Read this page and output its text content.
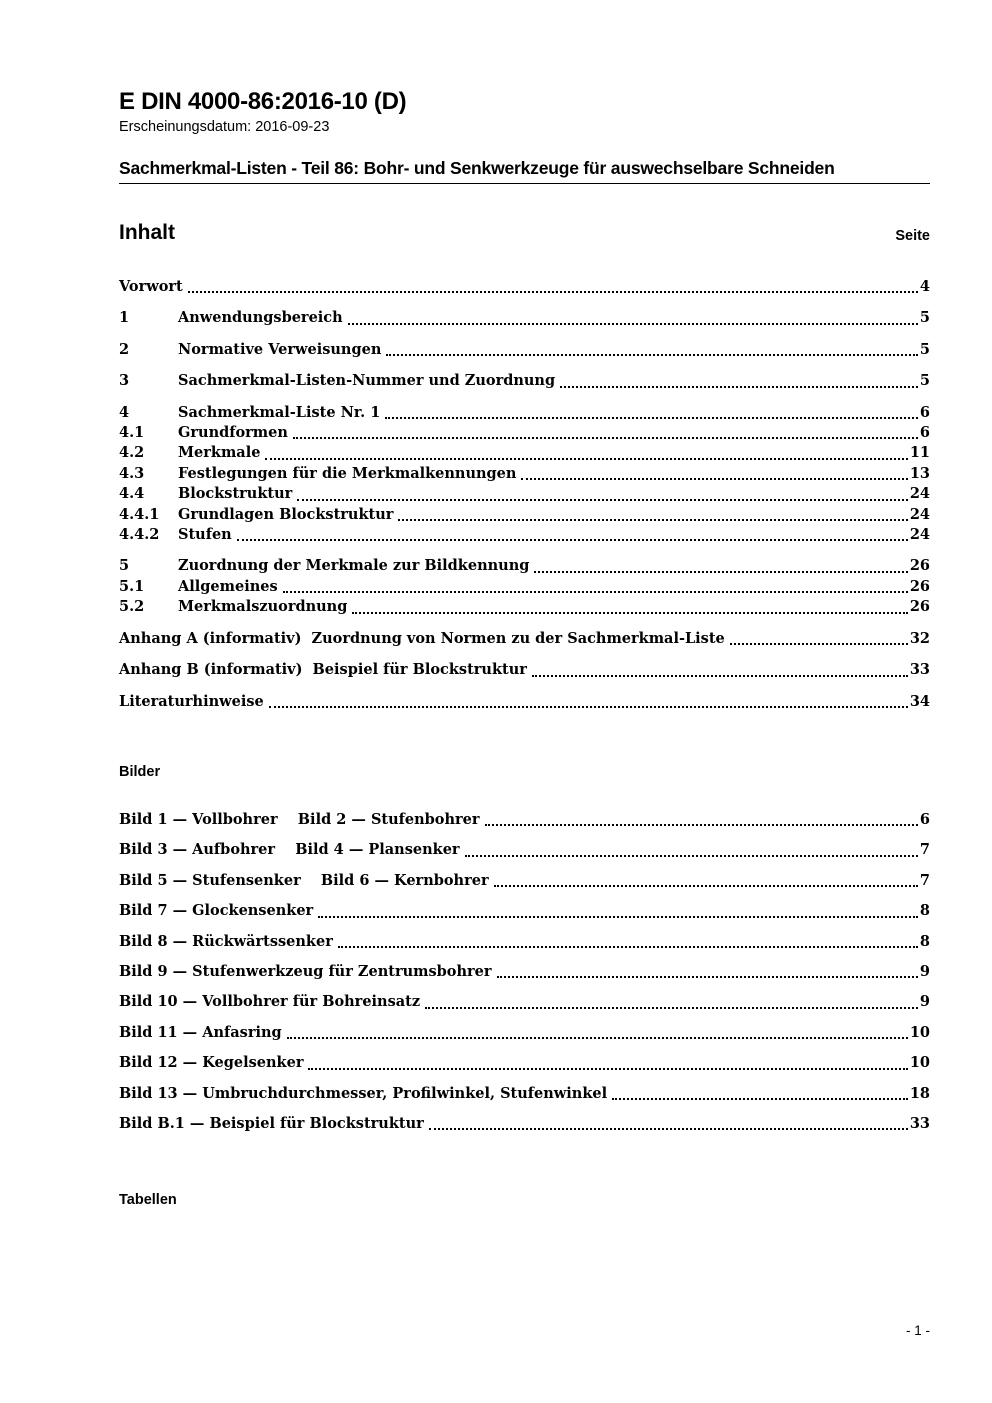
E DIN 4000-86:2016-10 (D)
Erscheinungsdatum: 2016-09-23
Sachmerkmal-Listen - Teil 86: Bohr- und Senkwerkzeuge für auswechselbare Schneiden
Inhalt	Seite
Vorwort	4
1	Anwendungsbereich	5
2	Normative Verweisungen	5
3	Sachmerkmal-Listen-Nummer und Zuordnung	5
4	Sachmerkmal-Liste Nr. 1	6
4.1	Grundformen	6
4.2	Merkmale	11
4.3	Festlegungen für die Merkmalkennungen	13
4.4	Blockstruktur	24
4.4.1	Grundlagen Blockstruktur	24
4.4.2	Stufen	24
5	Zuordnung der Merkmale zur Bildkennung	26
5.1	Allgemeines	26
5.2	Merkmalszuordnung	26
Anhang A (informativ)  Zuordnung von Normen zu der Sachmerkmal-Liste	32
Anhang B (informativ)  Beispiel für Blockstruktur	33
Literaturhinweise	34
Bilder
Bild 1 — Vollbohrer    Bild 2 — Stufenbohrer	6
Bild 3 — Aufbohrer    Bild 4 — Plansenker	7
Bild 5 — Stufensenker    Bild 6 — Kernbohrer	7
Bild 7 — Glockensenker	8
Bild 8 — Rückwärtssenker	8
Bild 9 — Stufenwerkzeug für Zentrumsbohrer	9
Bild 10 — Vollbohrer für Bohreinsatz	9
Bild 11 — Anfasring	10
Bild 12 — Kegelsenker	10
Bild 13 — Umbruchdurchmesser, Profilwinkel, Stufenwinkel	18
Bild B.1 — Beispiel für Blockstruktur	33
Tabellen
- 1 -
